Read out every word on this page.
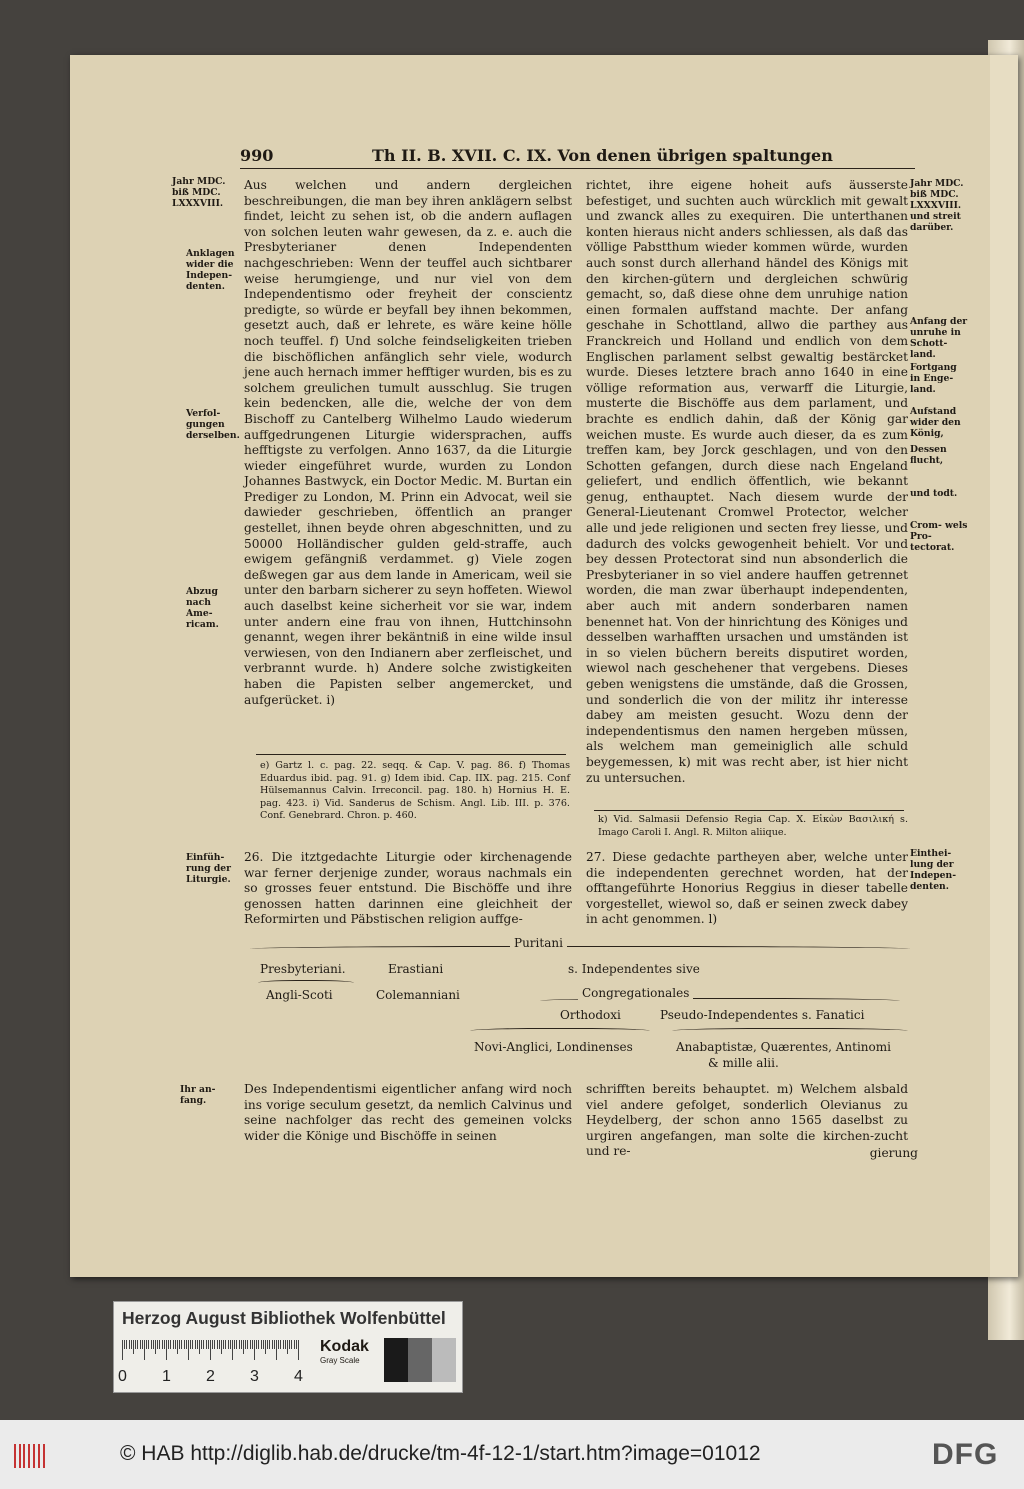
990	Th II. B. XVII. C. IX. Von denen übrigen spaltungen
Jahr MDC. biß MDC. LXXXVIII.
Anklagen wider die Indepen- denten.
Verfol- gungen derselben.
Abzug nach Ame- ricam.
Einfüh- rung der Liturgie.
Ihr an- fang.
Jahr MDC. biß MDC. LXXXVIII. und streit darüber.
Anfang der unruhe in Schott- land.
Fortgang in Enge- land.
Aufstand wider den König,
Dessen flucht,
und todt.
Crom- wels Pro- tectorat.
Einthei- lung der Indepen- denten.

Aus welchen und andern dergleichen beschreibungen, die man bey ihren anklägern selbst findet, leicht zu sehen ist, ob die andern auflagen von solchen leuten wahr gewesen, da z. e. auch die Presbyterianer denen Independenten nachgeschrieben: Wenn der teuffel auch sichtbarer weise herumgienge, und nur viel von dem Independentismo oder freyheit der conscientz predigte, so würde er beyfall bey ihnen bekommen, gesetzt auch, daß er lehrete, es wäre keine hölle noch teuffel. f) Und solche feindseligkeiten trieben die bischöflichen anfänglich sehr viele, wodurch jene auch hernach immer hefftiger wurden, bis es zu solchem greulichen tumult ausschlug. Sie trugen kein bedencken, alle die, welche der von dem Bischoff zu Cantelberg Wilhelmo Laudo wiederum auffgedrungenen Liturgie widersprachen, auffs hefftigste zu verfolgen. Anno 1637, da die Liturgie wieder eingeführet wurde, wurden zu London Johannes Bastwyck, ein Doctor Medic. M. Burtan ein Prediger zu London, M. Prinn ein Advocat, weil sie dawieder geschrieben, öffentlich an pranger gestellet, ihnen beyde ohren abgeschnitten, und zu 50000 Holländischer gulden geld-straffe, auch ewigem gefängniß verdammet. g) Viele zogen deßwegen gar aus dem lande in Americam, weil sie unter den barbarn sicherer zu seyn hoffeten. Wiewol auch daselbst keine sicherheit vor sie war, indem unter andern eine frau von ihnen, Huttchinsohn genannt, wegen ihrer bekäntniß in eine wilde insul verwiesen, von den Indianern aber zerfleischet, und verbrannt wurde. h) Andere solche zwistigkeiten haben die Papisten selber angemercket, und aufgerücket. i)

e) Gartz l. c. pag. 22. seqq. & Cap. V. pag. 86. f) Thomas Eduardus ibid. pag. 91. g) Idem ibid. Cap. IIX. pag. 215. Conf Hülsemannus Calvin. Irreconcil. pag. 180. h) Hornius H. E. pag. 423. i) Vid. Sanderus de Schism. Angl. Lib. III. p. 376. Conf. Genebrard. Chron. p. 460.
26. Die itztgedachte Liturgie oder kirchenagende war ferner derjenige zunder, woraus nachmals ein so grosses feuer entstund. Die Bischöffe und ihre genossen hatten darinnen eine gleichheit der Reformirten und Päbstischen religion auffge-

richtet, ihre eigene hoheit aufs äusserste befestiget, und suchten auch würcklich mit gewalt und zwanck alles zu exequiren. Die unterthanen konten hieraus nicht anders schliessen, als daß das völlige Pabstthum wieder kommen würde, wurden auch sonst durch allerhand händel des Königs mit den kirchen-gütern und dergleichen schwürig gemacht, so, daß diese ohne dem unruhige nation einen formalen auffstand machte. Der anfang geschahe in Schottland, allwo die parthey aus Franckreich und Holland und endlich von dem Englischen parlament selbst gewaltig bestärcket wurde. Dieses letztere brach anno 1640 in eine völlige reformation aus, verwarff die Liturgie, musterte die Bischöffe aus dem parlament, und brachte es endlich dahin, daß der König gar weichen muste. Es wurde auch dieser, da es zum treffen kam, bey Jorck geschlagen, und von den Schotten gefangen, durch diese nach Engeland geliefert, und endlich öffentlich, wie bekannt genug, enthauptet. Nach diesem wurde der General-Lieutenant Cromwel Protector, welcher alle und jede religionen und secten frey liesse, und dadurch des volcks gewogenheit behielt. Vor und bey dessen Protectorat sind nun absonderlich die Presbyterianer in so viel andere hauffen getrennet worden, die man zwar überhaupt independenten, aber auch mit andern sonderbaren namen benennet hat. Von der hinrichtung des Königes und desselben warhafften ursachen und umständen ist in so vielen büchern bereits disputiret worden, wiewol nach geschehener that vergebens. Dieses geben wenigstens die umstände, daß die Grossen, und sonderlich die von der militz ihr interesse dabey am meisten gesucht. Wozu denn der independentismus den namen hergeben müssen, als welchem man gemeiniglich alle schuld beygemessen, k) mit was recht aber, ist hier nicht zu untersuchen.

k) Vid. Salmasii Defensio Regia Cap. X. Εἰκὼν Βασιλική s. Imago Caroli I. Angl. R. Milton aliique.
27. Diese gedachte partheyen aber, welche unter die independenten gerechnet worden, hat der offtangeführte Honorius Reggius in dieser tabelle vorgestellet, wiewol so, daß er seinen zweck dabey in acht genommen. l)
Puritani
Presbyteriani.	Erastiani	s. Independentes sive
Angli-Scoti	Colemanniani	Congregationales
Orthodoxi	Pseudo-Independentes s. Fanatici
Novi-Anglici, Londinenses	Anabaptistæ, Quærentes, Antinomi
& mille alii.
Des Independentismi eigentlicher anfang wird noch ins vorige seculum gesetzt, da nemlich Calvinus und seine nachfolger das recht des gemeinen volcks wider die Könige und Bischöffe in seinen
schrifften bereits behauptet. m) Welchem alsbald viel andere gefolget, sonderlich Olevianus zu Heydelberg, der schon anno 1565 daselbst zu urgiren angefangen, man solte die kirchen-zucht und re-	gierung
Herzog August Bibliothek Wolfenbüttel
0 1 2 3 4
Kodak
Gray Scale
© HAB http://diglib.hab.de/drucke/tm-4f-12-1/start.htm?image=01012	DFG
